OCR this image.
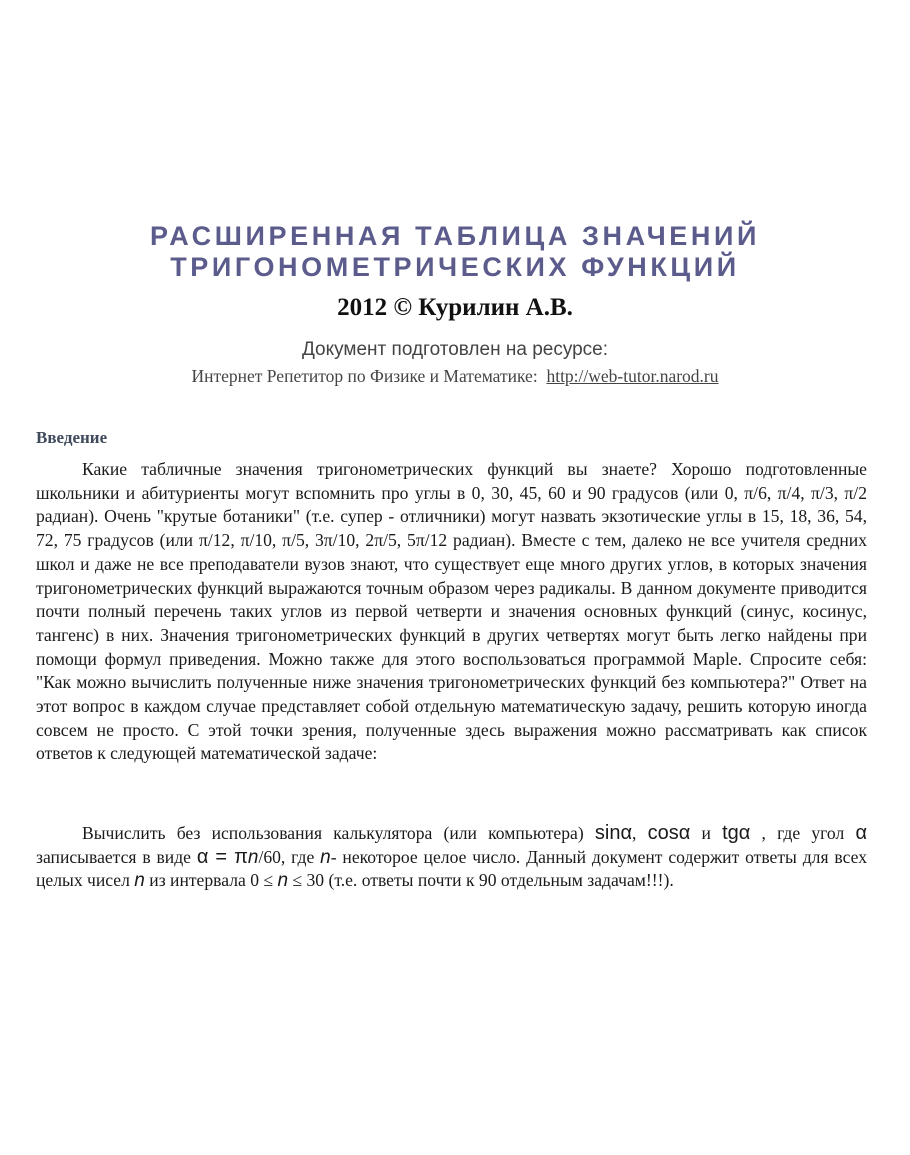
РАСШИРЕННАЯ ТАБЛИЦА ЗНАЧЕНИЙ
ТРИГОНОМЕТРИЧЕСКИХ ФУНКЦИЙ
2012 © Курилин А.В.
Документ подготовлен на ресурсе:
Интернет Репетитор по Физике и Математике: http://web-tutor.narod.ru
Введение

Какие табличные значения тригонометрических функций вы знаете? Хорошо подготовленные школьники и абитуриенты могут вспомнить про углы в 0, 30, 45, 60 и 90 градусов (или 0, π/6, π/4, π/3, π/2 радиан). Очень "крутые ботаники" (т.е. супер - отличники) могут назвать экзотические углы в 15, 18, 36, 54, 72, 75 градусов (или π/12, π/10, π/5, 3π/10, 2π/5, 5π/12 радиан). Вместе с тем, далеко не все учителя средних школ и даже не все преподаватели вузов знают, что существует еще много других углов, в которых значения тригонометрических функций выражаются точным образом через радикалы. В данном документе приводится почти полный перечень таких углов из первой четверти и значения основных функций (синус, косинус, тангенс) в них. Значения тригонометрических функций в других четвертях могут быть легко найдены при помощи формул приведения. Можно также для этого воспользоваться программой Maple. Спросите себя: "Как можно вычислить полученные ниже значения тригонометрических функций без компьютера?" Ответ на этот вопрос в каждом случае представляет собой отдельную математическую задачу, решить которую иногда совсем не просто. С этой точки зрения, полученные здесь выражения можно рассматривать как список ответов к следующей математической задаче:

Вычислить без использования калькулятора (или компьютера) sinα, cosα и tgα , где угол α записывается в виде α = πn/60, где n- некоторое целое число. Данный документ содержит ответы для всех целых чисел n из интервала 0 ≤ n ≤ 30 (т.е. ответы почти к 90 отдельным задачам!!!).
